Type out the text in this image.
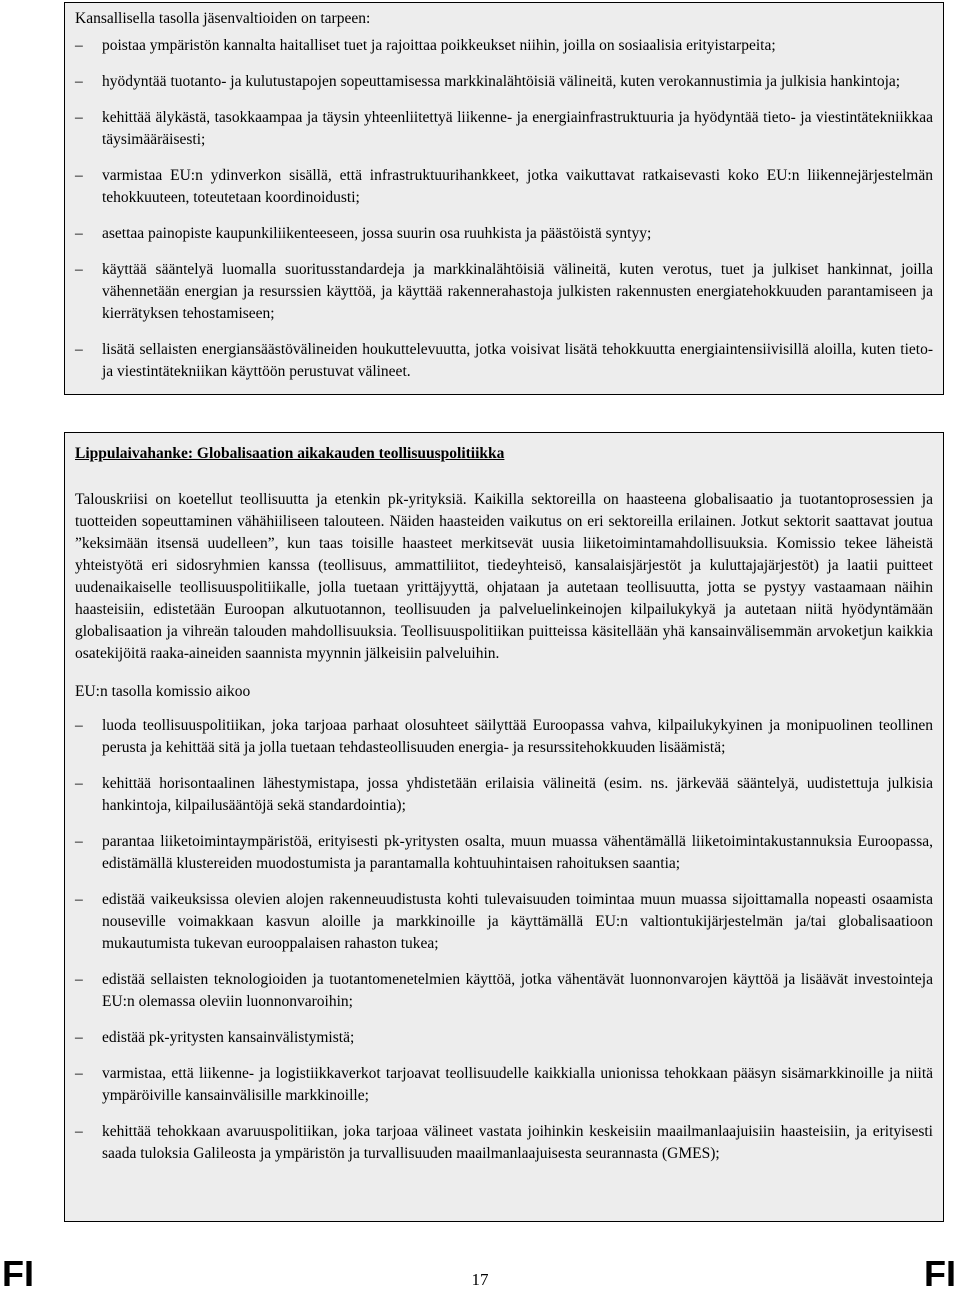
Kansallisella tasolla jäsenvaltioiden on tarpeen:
– poistaa ympäristön kannalta haitalliset tuet ja rajoittaa poikkeukset niihin, joilla on sosiaalisia erityistarpeita;
– hyödyntää tuotanto- ja kulutustapojen sopeuttamisessa markkinalähtöisiä välineitä, kuten verokannustimia ja julkisia hankintoja;
– kehittää älykästä, tasokkaampaa ja täysin yhteenliitettyä liikenne- ja energiainfrastruktuuria ja hyödyntää tieto- ja viestintätekniikkaa täysimääräisesti;
– varmistaa EU:n ydinverkon sisällä, että infrastruktuurihankkeet, jotka vaikuttavat ratkaisevasti koko EU:n liikennejärjestelmän tehokkuuteen, toteutetaan koordinoidusti;
– asettaa painopiste kaupunkiliikenteeseen, jossa suurin osa ruuhkista ja päästöistä syntyy;
– käyttää sääntelyä luomalla suoritusstandardeja ja markkinalähtöisiä välineitä, kuten verotus, tuet ja julkiset hankinnat, joilla vähennetään energian ja resurssien käyttöä, ja käyttää rakennerahastoja julkisten rakennusten energiatehokkuuden parantamiseen ja kierrätyksen tehostamiseen;
– lisätä sellaisten energiansäästövälineiden houkuttelevuutta, jotka voisivat lisätä tehokkuutta energiaintensiivisillä aloilla, kuten tieto- ja viestintätekniikan käyttöön perustuvat välineet.
Lippulaivahanke: Globalisaation aikakauden teollisuuspolitiikka
Talouskriisi on koetellut teollisuutta ja etenkin pk-yrityksiä. Kaikilla sektoreilla on haasteena globalisaatio ja tuotantoprosessien ja tuotteiden sopeuttaminen vähähiiliseen talouteen. Näiden haasteiden vaikutus on eri sektoreilla erilainen. Jotkut sektorit saattavat joutua ”keksimään itsensä uudelleen”, kun taas toisille haasteet merkitsevät uusia liiketoimintamahdollisuuksia. Komissio tekee läheistä yhteistyötä eri sidosryhmien kanssa (teollisuus, ammattiliitot, tiedeyhteisö, kansalaisjärjestöt ja kuluttajajärjestöt) ja laatii puitteet uudenaikaiselle teollisuuspolitiikalle, jolla tuetaan yrittäjyyttä, ohjataan ja autetaan teollisuutta, jotta se pystyy vastaamaan näihin haasteisiin, edistetään Euroopan alkutuotannon, teollisuuden ja palveluelinkeinojen kilpailukykyä ja autetaan niitä hyödyntämään globalisaation ja vihreän talouden mahdollisuuksia. Teollisuuspolitiikan puitteissa käsitellään yhä kansainvälisemmän arvoketjun kaikkia osatekijöitä raaka-aineiden saannista myynnin jälkeisiin palveluihin.
EU:n tasolla komissio aikoo
– luoda teollisuuspolitiikan, joka tarjoaa parhaat olosuhteet säilyttää Euroopassa vahva, kilpailukykyinen ja monipuolinen teollinen perusta ja kehittää sitä ja jolla tuetaan tehdasteollisuuden energia- ja resurssitehokkuuden lisäämistä;
– kehittää horisontaalinen lähestymistapa, jossa yhdistetään erilaisia välineitä (esim. ns. järkevää sääntelyä, uudistettuja julkisia hankintoja, kilpailusääntöjä sekä standardointia);
– parantaa liiketoimintaympäristöä, erityisesti pk-yritysten osalta, muun muassa vähentämällä liiketoimintakustannuksia Euroopassa, edistämällä klustereiden muodostumista ja parantamalla kohtuuhintaisen rahoituksen saantia;
– edistää vaikeuksissa olevien alojen rakenneuudistusta kohti tulevaisuuden toimintaa muun muassa sijoittamalla nopeasti osaamista nouseville voimakkaan kasvun aloille ja markkinoille ja käyttämällä EU:n valtiontukijärjestelmän ja/tai globalisaatioon mukautumista tukevan eurooppalaisen rahaston tukea;
– edistää sellaisten teknologioiden ja tuotantomenetelmien käyttöä, jotka vähentävät luonnonvarojen käyttöä ja lisäävät investointeja EU:n olemassa oleviin luonnonvaroihin;
– edistää pk-yritysten kansainvälistymistä;
– varmistaa, että liikenne- ja logistiikkaverkot tarjoavat teollisuudelle kaikkialla unionissa tehokkaan pääsyn sisämarkkinoille ja niitä ympäröiville kansainvälisille markkinoille;
– kehittää tehokkaan avaruuspolitiikan, joka tarjoaa välineet vastata joihinkin keskeisiin maailmanlaajuisiin haasteisiin, ja erityisesti saada tuloksia Galileosta ja ympäristön ja turvallisuuden maailmanlaajuisesta seurannasta (GMES);
FI	17	FI
